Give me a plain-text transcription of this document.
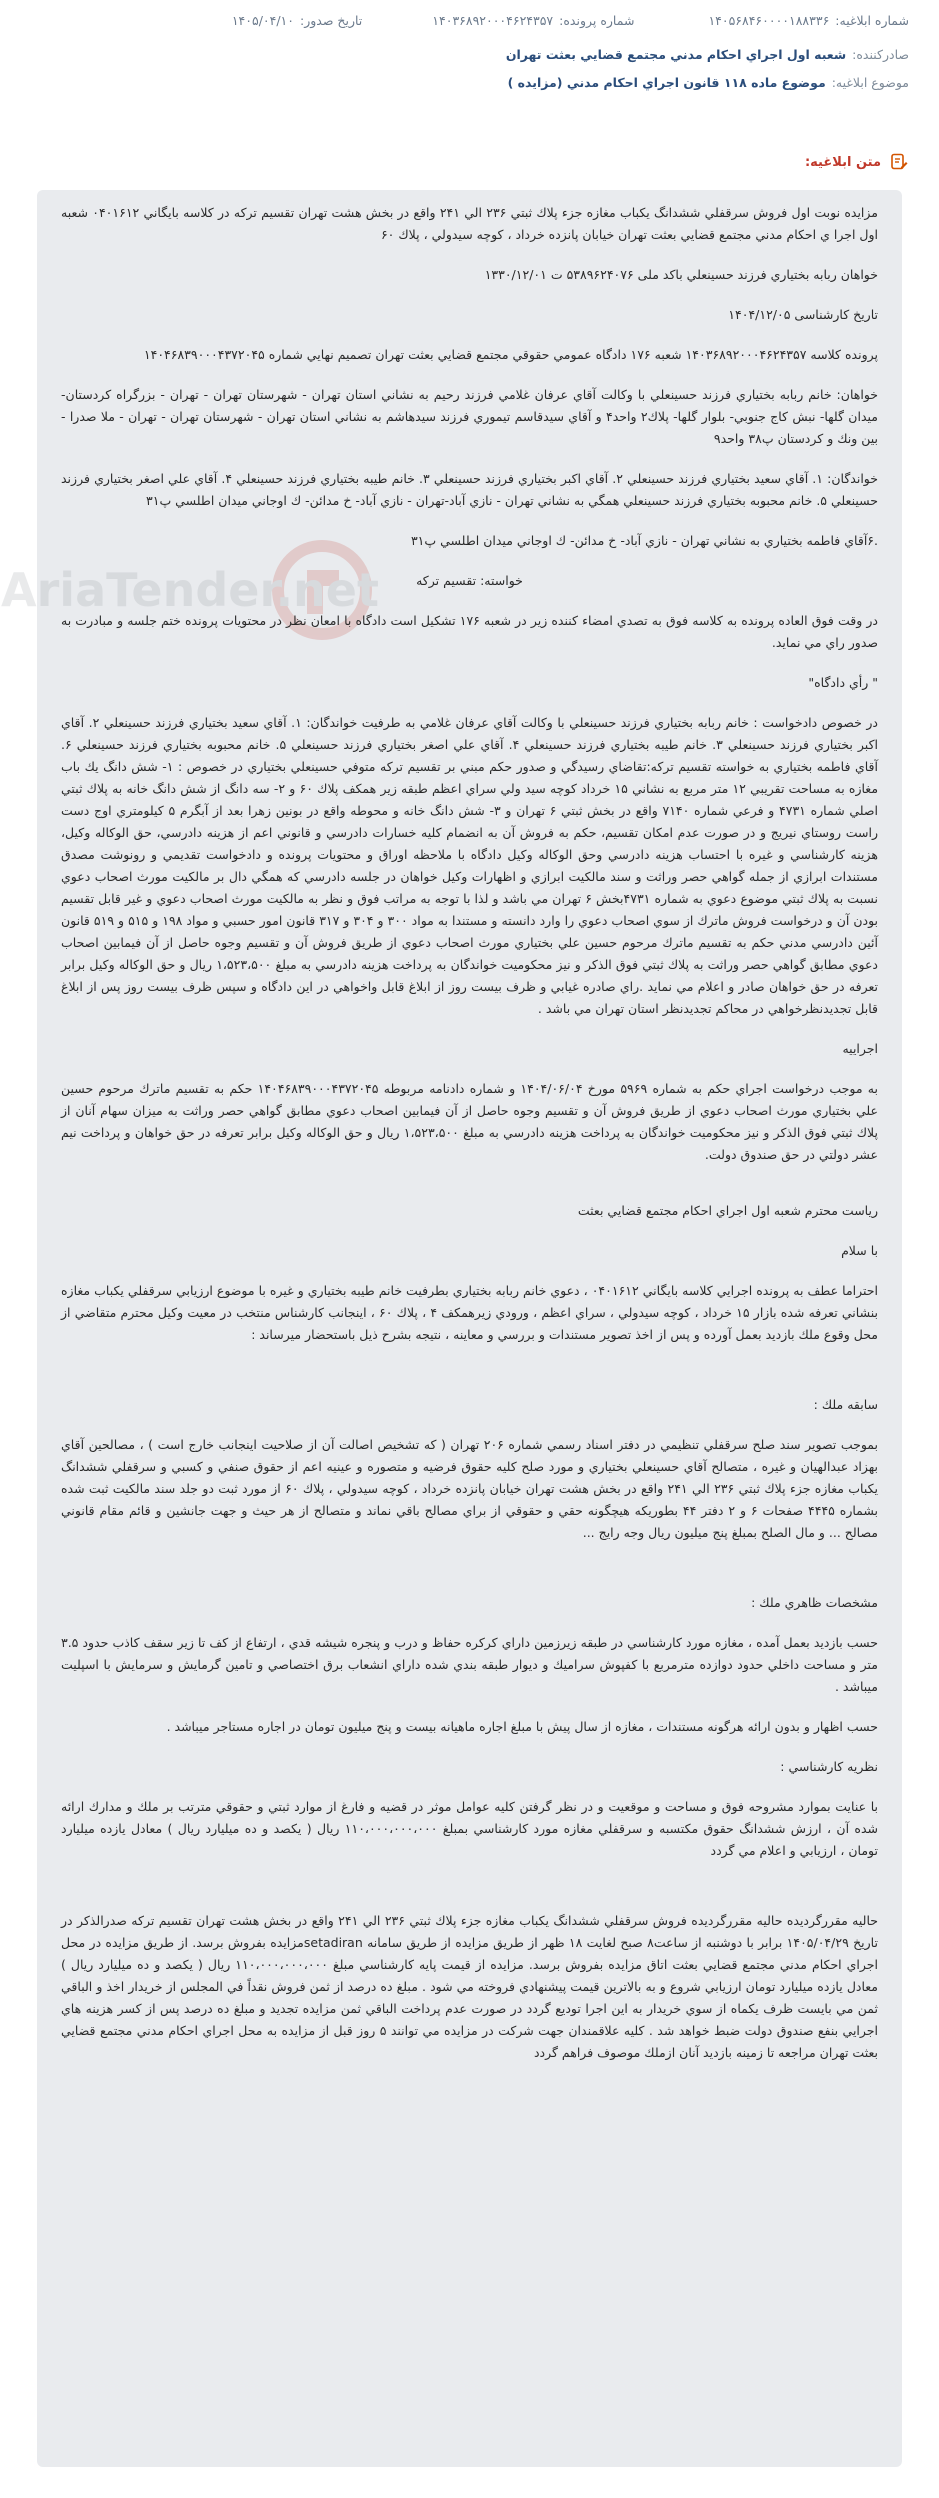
شماره ابلاغیه:
۱۴۰۵۶۸۴۶۰۰۰۰۱۸۸۳۳۶
شماره پرونده:
۱۴۰۳۶۸۹۲۰۰۰۴۶۲۴۳۵۷
تاريخ صدور:
۱۴۰۵/۰۴/۱۰
صادرکننده:
شعبه اول اجراي احكام مدني مجتمع قضايي بعثت تهران
موضوع ابلاغیه:
موضوع ماده ۱۱۸ قانون اجراي احكام مدني (مزايده )
متن ابلاغیه:
AriaTender.net

مزايده نوبت اول فروش سرقفلي ششدانگ يكباب مغازه جزء پلاك ثبتي ۲۳۶ الي ۲۴۱ واقع در بخش هشت تهران تقسيم تركه در كلاسه بايگاني ۰۴۰۱۶۱۲ شعبه اول اجرا ي احكام مدني مجتمع قضايي بعثت تهران خيابان پانزده خرداد ، كوچه سيدولي ، پلاك ۶۰

خواهان ربابه بختياري فرزند حسينعلي باكد ملی ۵۳۸۹۶۲۴۰۷۶ ت ۱۳۳۰/۱۲/۰۱

تاريخ كارشناسی ۱۴۰۴/۱۲/۰۵

پرونده كلاسه ۱۴۰۳۶۸۹۲۰۰۰۴۶۲۴۳۵۷ شعبه ۱۷۶ دادگاه عمومي حقوقي مجتمع قضايي بعثت تهران تصميم نهايي شماره ۱۴۰۴۶۸۳۹۰۰۰۴۳۷۲۰۴۵

خواهان: خانم ربابه بختياري فرزند حسينعلي با وكالت آقاي عرفان غلامي فرزند رحيم به نشاني استان تهران - شهرستان تهران - تهران - بزرگراه كردستان- ميدان گلها- نبش كاج جنوبي- بلوار گلها- پلاك۲ واحد۴ و آقاي سيدقاسم تيموري فرزند سيدهاشم به نشاني استان تهران - شهرستان تهران - تهران - ملا صدرا - بين ونك و كردستان پ۳۸ واحد۹

خواندگان: ۱. آقاي سعيد بختياري فرزند حسينعلي ۲. آقاي اكبر بختياري فرزند حسينعلي ۳. خانم طيبه بختياري فرزند حسينعلي ۴. آقاي علي اصغر بختياري فرزند حسينعلي ۵. خانم محبوبه بختياري فرزند حسينعلي همگي به نشاني تهران - نازي آباد-تهران - نازي آباد- خ مدائن- ك اوجاني ميدان اطلسي پ۳۱

.۶آقاي فاطمه بختياري به نشاني تهران - نازي آباد- خ مدائن- ك اوجاني ميدان اطلسي پ۳۱

خواسته: تقسيم تركه

در وقت فوق العاده پرونده به كلاسه فوق به تصدي امضاء كننده زير در شعبه ۱۷۶ تشكيل است دادگاه با امعان نظر در محتويات پرونده ختم جلسه و مبادرت به صدور راي مي نمايد.

" رأي دادگاه"

در خصوص دادخواست : خانم ربابه بختياري فرزند حسينعلي با وكالت آقاي عرفان غلامي به طرفيت خواندگان: ۱. آقاي سعيد بختياري فرزند حسينعلي ۲. آقاي اكبر بختياري فرزند حسينعلي ۳. خانم طيبه بختياري فرزند حسينعلي ۴. آقاي علي اصغر بختياري فرزند حسينعلي ۵. خانم محبوبه بختياري فرزند حسينعلي ۶. آقاي فاطمه بختياري به خواسته تقسيم تركه:تقاضاي رسيدگي و صدور حكم مبني بر تقسيم تركه متوفي حسينعلي بختياري در خصوص : ۱- شش دانگ يك باب مغازه به مساحت تقريبي ۱۲ متر مربع به نشاني ۱۵ خرداد كوچه سيد ولي سراي اعظم طبقه زير همكف پلاك ۶۰ و ۲- سه دانگ از شش دانگ خانه به پلاك ثبتي اصلي شماره ۴۷۳۱ و فرعي شماره ۷۱۴۰ واقع در بخش ثبتي ۶ تهران و ۳- شش دانگ خانه و محوطه واقع در بونين زهرا بعد از آبگرم ۵ كيلومتري اوج دست راست روستاي نيريج و در صورت عدم امكان تقسيم، حكم به فروش آن به انضمام كليه خسارات دادرسي و قانوني اعم از هزينه دادرسي، حق الوكاله وكيل، هزينه كارشناسي و غيره با احتساب هزينه دادرسي وحق الوكاله وكيل دادگاه با ملاحظه اوراق و محتويات پرونده و دادخواست تقديمي و رونوشت مصدق مستندات ابرازي از جمله گواهي حصر وراثت و سند مالكيت ابرازي و اظهارات وكيل خواهان در جلسه دادرسي كه همگي دال بر مالكيت مورث اصحاب دعوي نسبت به پلاك ثبتي موضوع دعوي به شماره ۴۷۳۱بخش ۶ تهران مي باشد و لذا با توجه به مراتب فوق و نظر به مالكيت مورث اصحاب دعوي و غير قابل تقسيم بودن آن و درخواست فروش ماترك از سوي اصحاب دعوي را وارد دانسته و مستندا به مواد ۳۰۰ و ۳۰۴ و ۳۱۷ قانون امور حسبي و مواد ۱۹۸ و ۵۱۵ و ۵۱۹ قانون آئين دادرسي مدني حكم به تقسيم ماترك مرحوم حسين علي بختياري مورث اصحاب دعوي از طريق فروش آن و تقسيم وجوه حاصل از آن فيمابين اصحاب دعوي مطابق گواهي حصر وراثت به پلاك ثبتي فوق الذكر و نيز محكوميت خواندگان به پرداخت هزينه دادرسي به مبلغ ۱،۵۲۳،۵۰۰ ريال و حق الوكاله وكيل برابر تعرفه در حق خواهان صادر و اعلام مي نمايد .راي صادره غيابي و ظرف بيست روز از ابلاغ قابل واخواهي در اين دادگاه و سپس ظرف بيست روز پس از ابلاغ قابل تجديدنظرخواهي در محاكم تجديدنظر استان تهران مي باشد .

اجراييه

به موجب درخواست اجراي حكم به شماره ۵۹۶۹ مورخ ۱۴۰۴/۰۶/۰۴ و شماره دادنامه مربوطه ۱۴۰۴۶۸۳۹۰۰۰۴۳۷۲۰۴۵ حكم به تقسيم ماترك مرحوم حسين علي بختياري مورث اصحاب دعوي از طريق فروش آن و تقسيم وجوه حاصل از آن فيمابين اصحاب دعوي مطابق گواهي حصر وراثت به ميزان سهام آنان از پلاك ثبتي فوق الذكر و نيز محكوميت خواندگان به پرداخت هزينه دادرسي به مبلغ ۱،۵۲۳،۵۰۰ ريال و حق الوكاله وكيل برابر تعرفه در حق خواهان و پرداخت نيم عشر دولتي در حق صندوق دولت.

رياست محترم شعبه اول اجراي احكام مجتمع قضايي بعثت

با سلام

احتراما عطف به پرونده اجرايي كلاسه بايگاني ۰۴۰۱۶۱۲ ، دعوي خانم ربابه بختياري بطرفيت خانم طيبه بختياري و غيره با موضوع ارزيابي سرقفلي يكباب مغازه بنشاني تعرفه شده بازار ۱۵ خرداد ، كوچه سيدولي ، سراي اعظم ، ورودي زيرهمكف ۴ ، پلاك ۶۰ ، اينجانب كارشناس منتخب در معيت وكيل محترم متقاضي از محل وقوع ملك بازديد بعمل آورده و پس از اخذ تصوير مستندات و بررسي و معاينه ، نتيجه بشرح ذيل باستحضار ميرساند :

سابقه ملك :

بموجب تصوير سند صلح سرقفلي تنظيمي در دفتر اسناد رسمي شماره ۲۰۶ تهران ( كه تشخيص اصالت آن از صلاحيت اينجانب خارج است ) ، مصالحين آقاي بهزاد عبدالهيان و غيره ، متصالح آقاي حسينعلي بختياري و مورد صلح كليه حقوق فرضيه و متصوره و عينيه اعم از حقوق صنفي و كسبي و سرقفلي ششدانگ يكباب مغازه جزء پلاك ثبتي ۲۳۶ الي ۲۴۱ واقع در بخش هشت تهران خيابان پانزده خرداد ، كوچه سيدولي ، پلاك ۶۰ از مورد ثبت دو جلد سند مالكيت ثبت شده بشماره ۴۴۴۵ صفحات ۶ و ۲ دفتر ۴۴ بطوريكه هيچگونه حقي و حقوقي از براي مصالح باقي نماند و متصالح از هر حيث و جهت جانشين و قائم مقام قانوني مصالح ... و مال الصلح بمبلغ پنج ميليون ريال وجه رايج ...

مشخصات ظاهري ملك :

حسب بازديد بعمل آمده ، مغازه مورد كارشناسي در طبقه زيرزمين داراي كركره حفاظ و درب و پنجره شيشه قدي ، ارتفاع از كف تا زير سقف كاذب حدود ۳.۵ متر و مساحت داخلي حدود دوازده مترمربع با كفپوش سراميك و ديوار طبقه بندي شده داراي انشعاب برق اختصاصي و تامين گرمايش و سرمايش با اسپليت ميباشد .

حسب اظهار و بدون ارائه هرگونه مستندات ، مغازه از سال پيش با مبلغ اجاره ماهيانه بيست و پنج ميليون تومان در اجاره مستاجر ميباشد .

نظريه كارشناسي :

با عنايت بموارد مشروحه فوق و مساحت و موقعيت و در نظر گرفتن كليه عوامل موثر در قضيه و فارغ از موارد ثبتي و حقوقي مترتب بر ملك و مدارك ارائه شده آن ، ارزش ششدانگ حقوق مكتسبه و سرقفلي مغازه مورد كارشناسي بمبلغ ۱۱۰،۰۰۰،۰۰۰،۰۰۰ ريال ( يكصد و ده ميليارد ريال ) معادل يازده ميليارد تومان ، ارزيابي و اعلام مي گردد

حاليه مقررگرديده حاليه مقررگرديده فروش سرقفلي ششدانگ يكباب مغازه جزء پلاك ثبتي ۲۳۶ الي ۲۴۱ واقع در بخش هشت تهران تقسيم تركه صدرالذكر در تاريخ ۱۴۰۵/۰۴/۲۹ برابر با دوشنبه از ساعت۸ صبح لغايت ۱۸ ظهر از طريق مزايده از طريق سامانه setadiranمزايده بفروش برسد. از طريق مزايده در محل اجراي احكام مدني مجتمع قضايي بعثت اتاق مزايده بفروش برسد. مزايده از قيمت پايه كارشناسي مبلغ ۱۱۰،۰۰۰،۰۰۰،۰۰۰ ريال ( يكصد و ده ميليارد ريال ) معادل يازده ميليارد تومان ارزيابي شروع و به بالاترين قيمت پيشنهادي فروخته مي شود . مبلغ ده درصد از ثمن فروش نقداً في المجلس از خريدار اخذ و الباقي ثمن مي بايست ظرف يكماه از سوي خريدار به اين اجرا توديع گردد در صورت عدم پرداخت الباقي ثمن مزايده تجديد و مبلغ ده درصد پس از كسر هزينه هاي اجرايي بنفع صندوق دولت ضبط خواهد شد . كليه علاقمندان جهت شركت در مزايده مي توانند ۵ روز قبل از مزايده به محل اجراي احكام مدني مجتمع قضايي بعثت تهران مراجعه تا زمينه بازديد آنان ازملك موصوف فراهم گردد
